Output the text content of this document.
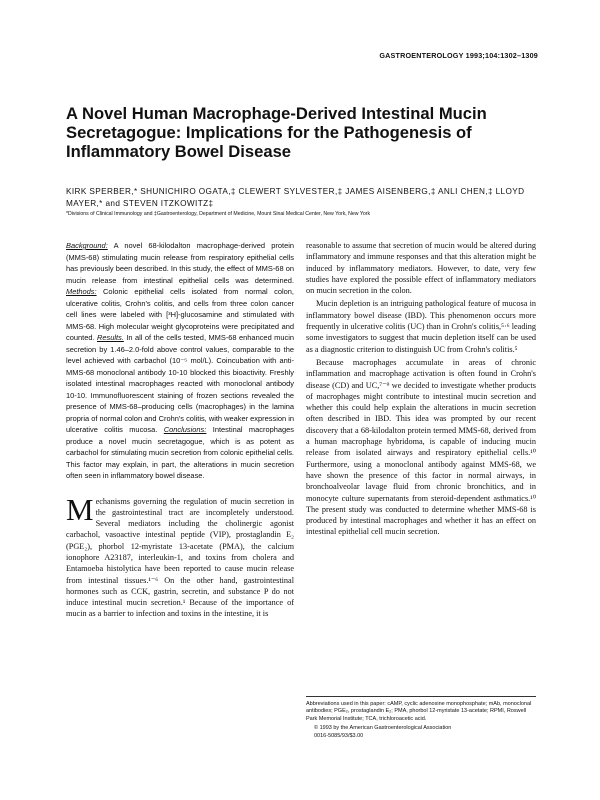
GASTROENTEROLOGY 1993;104:1302–1309
A Novel Human Macrophage-Derived Intestinal Mucin Secretagogue: Implications for the Pathogenesis of Inflammatory Bowel Disease
KIRK SPERBER,* SHUNICHIRO OGATA,‡ CLEWERT SYLVESTER,‡ JAMES AISENBERG,‡ ANLI CHEN,‡ LLOYD MAYER,* and STEVEN ITZKOWITZ‡
*Divisions of Clinical Immunology and ‡Gastroenterology, Department of Medicine, Mount Sinai Medical Center, New York, New York

Background: A novel 68-kilodalton macrophage-derived protein (MMS-68) stimulating mucin release from respiratory epithelial cells has previously been described. In this study, the effect of MMS-68 on mucin release from intestinal epithelial cells was determined. Methods: Colonic epithelial cells isolated from normal colon, ulcerative colitis, Crohn's colitis, and cells from three colon cancer cell lines were labeled with [³H]-glucosamine and stimulated with MMS-68. High molecular weight glycoproteins were precipitated and counted. Results. In all of the cells tested, MMS-68 enhanced mucin secretion by 1.46–2.0-fold above control values, comparable to the level achieved with carbachol (10⁻⁵ mol/L). Coincubation with anti-MMS-68 monoclonal antibody 10-10 blocked this bioactivity. Freshly isolated intestinal macrophages reacted with monoclonal antibody 10-10. Immunofluorescent staining of frozen sections revealed the presence of MMS-68–producing cells (macrophages) in the lamina propria of normal colon and Crohn's colitis, with weaker expression in ulcerative colitis mucosa. Conclusions: Intestinal macrophages produce a novel mucin secretagogue, which is as potent as carbachol for stimulating mucin secretion from colonic epithelial cells. This factor may explain, in part, the alterations in mucin secretion often seen in inflammatory bowel disease.

M echanisms governing the regulation of mucin secretion in the gastrointestinal tract are incompletely understood. Several mediators including the cholinergic agonist carbachol, vasoactive intestinal peptide (VIP), prostaglandin E₂ (PGE₂), phorbol 12-myristate 13-acetate (PMA), the calcium ionophore A23187, interleukin-1, and toxins from cholera and Entamoeba histolytica have been reported to cause mucin release from intestinal tissues.¹⁻⁶ On the other hand, gastrointestinal hormones such as CCK, gastrin, secretin, and substance P do not induce intestinal mucin secretion.¹ Because of the importance of mucin as a barrier to infection and toxins in the intestine, it is

reasonable to assume that secretion of mucin would be altered during inflammatory and immune responses and that this alteration might be induced by inflammatory mediators. However, to date, very few studies have explored the possible effect of inflammatory mediators on mucin secretion in the colon.

Mucin depletion is an intriguing pathological feature of mucosa in inflammatory bowel disease (IBD). This phenomenon occurs more frequently in ulcerative colitis (UC) than in Crohn's colitis,⁵·⁶ leading some investigators to suggest that mucin depletion itself can be used as a diagnostic criterion to distinguish UC from Crohn's colitis.⁵

Because macrophages accumulate in areas of chronic inflammation and macrophage activation is often found in Crohn's disease (CD) and UC,⁷⁻⁹ we decided to investigate whether products of macrophages might contribute to intestinal mucin secretion and whether this could help explain the alterations in mucin secretion often described in IBD. This idea was prompted by our recent discovery that a 68-kilodalton protein termed MMS-68, derived from a human macrophage hybridoma, is capable of inducing mucin release from isolated airways and respiratory epithelial cells.¹⁰ Furthermore, using a monoclonal antibody against MMS-68, we have shown the presence of this factor in normal airways, in bronchoalveolar lavage fluid from chronic bronchitics, and in monocyte culture supernatants from steroid-dependent asthmatics.¹⁰ The present study was conducted to determine whether MMS-68 is produced by intestinal macrophages and whether it has an effect on intestinal epithelial cell mucin secretion.

Abbreviations used in this paper: cAMP, cyclic adenosine monophosphate; mAb, monoclonal antibodies; PGE₂, prostaglandin E₂; PMA, phorbol 12-myristate 13-acetate; RPMI, Roswell Park Memorial Institute; TCA, trichloroacetic acid.

© 1993 by the American Gastroenterological Association

0016-5085/93/$3.00
